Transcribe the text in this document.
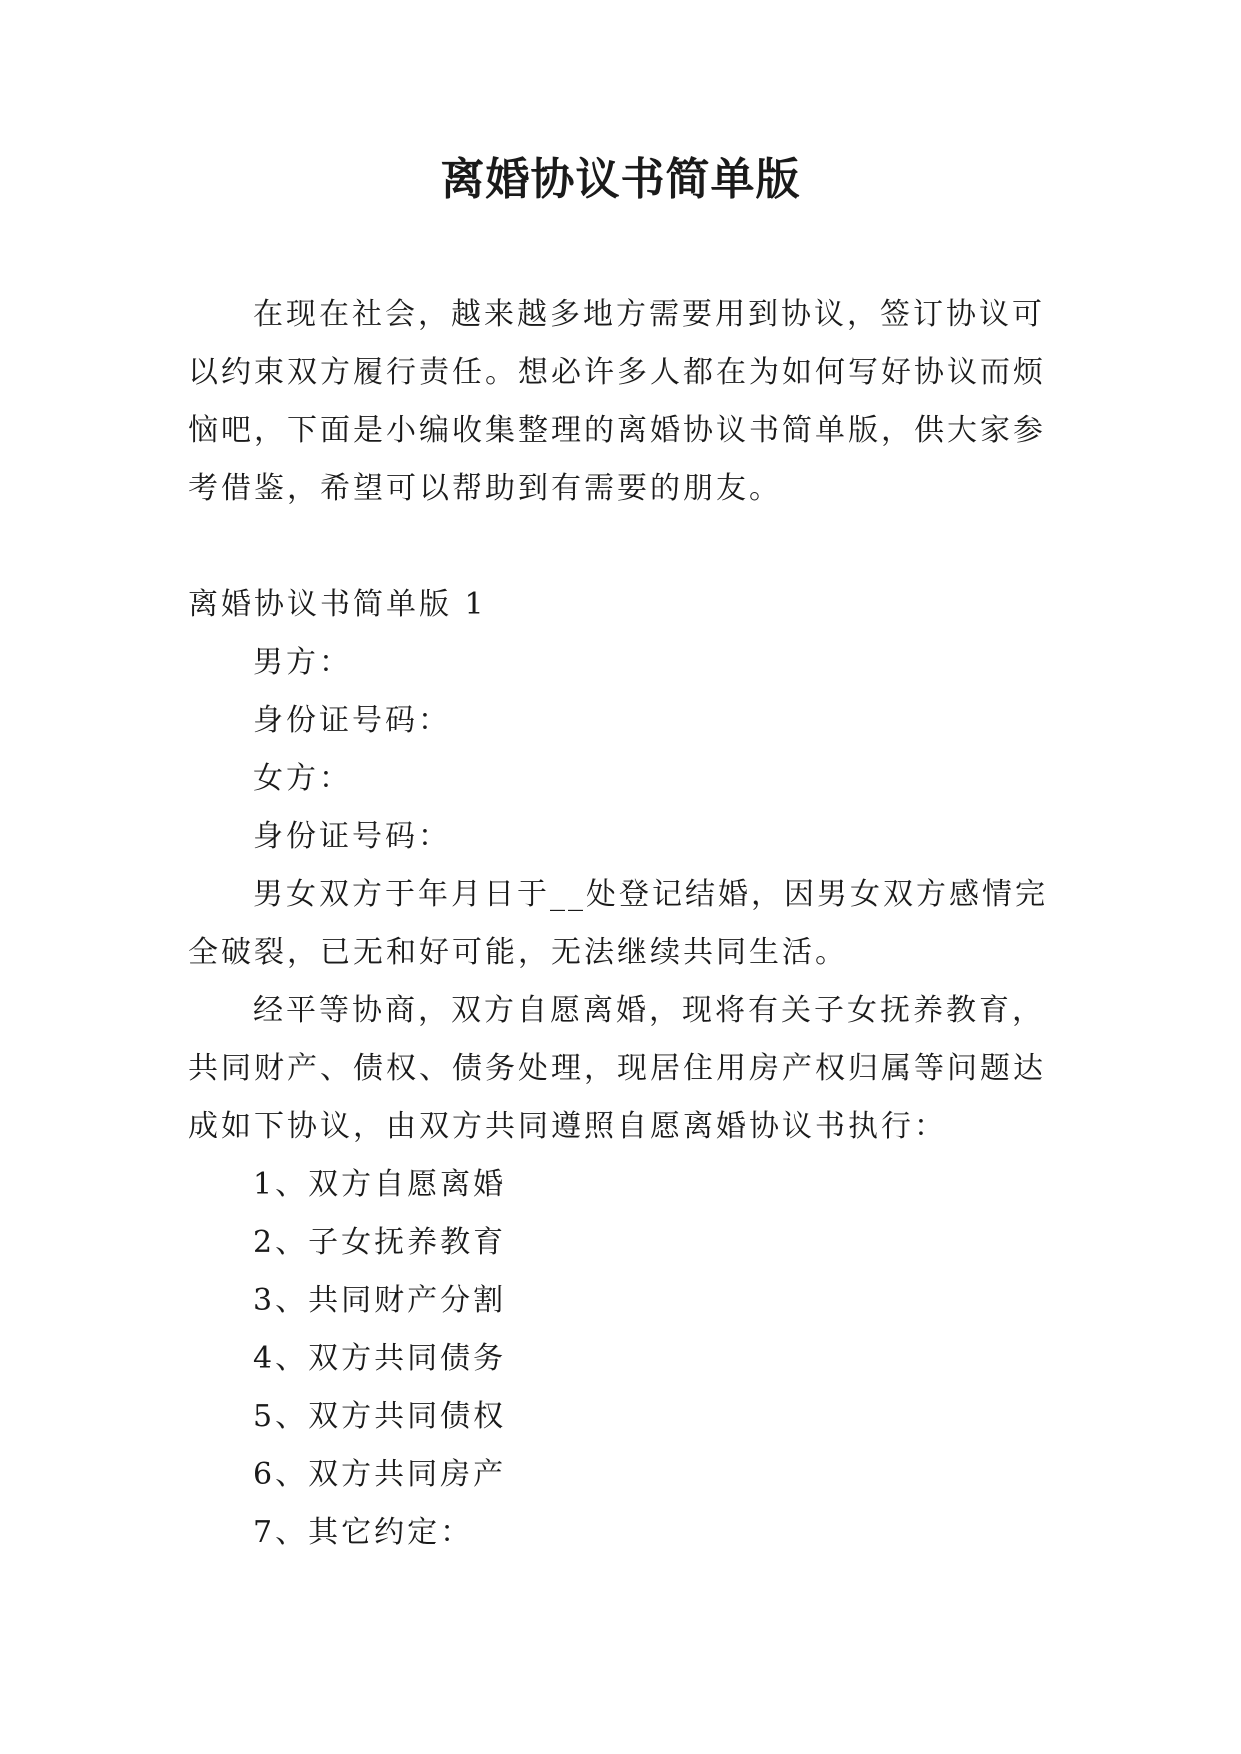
离婚协议书简单版

在现在社会，越来越多地方需要用到协议，签订协议可以约束双方履行责任。想必许多人都在为如何写好协议而烦恼吧，下面是小编收集整理的离婚协议书简单版，供大家参考借鉴，希望可以帮助到有需要的朋友。

离婚协议书简单版 1

男方：

身份证号码：

女方：

身份证号码：

男女双方于年月日于__处登记结婚，因男女双方感情完全破裂，已无和好可能，无法继续共同生活。

经平等协商，双方自愿离婚，现将有关子女抚养教育，共同财产、债权、债务处理，现居住用房产权归属等问题达成如下协议，由双方共同遵照自愿离婚协议书执行：

1、双方自愿离婚

2、子女抚养教育

3、共同财产分割

4、双方共同债务

5、双方共同债权

6、双方共同房产

7、其它约定：
